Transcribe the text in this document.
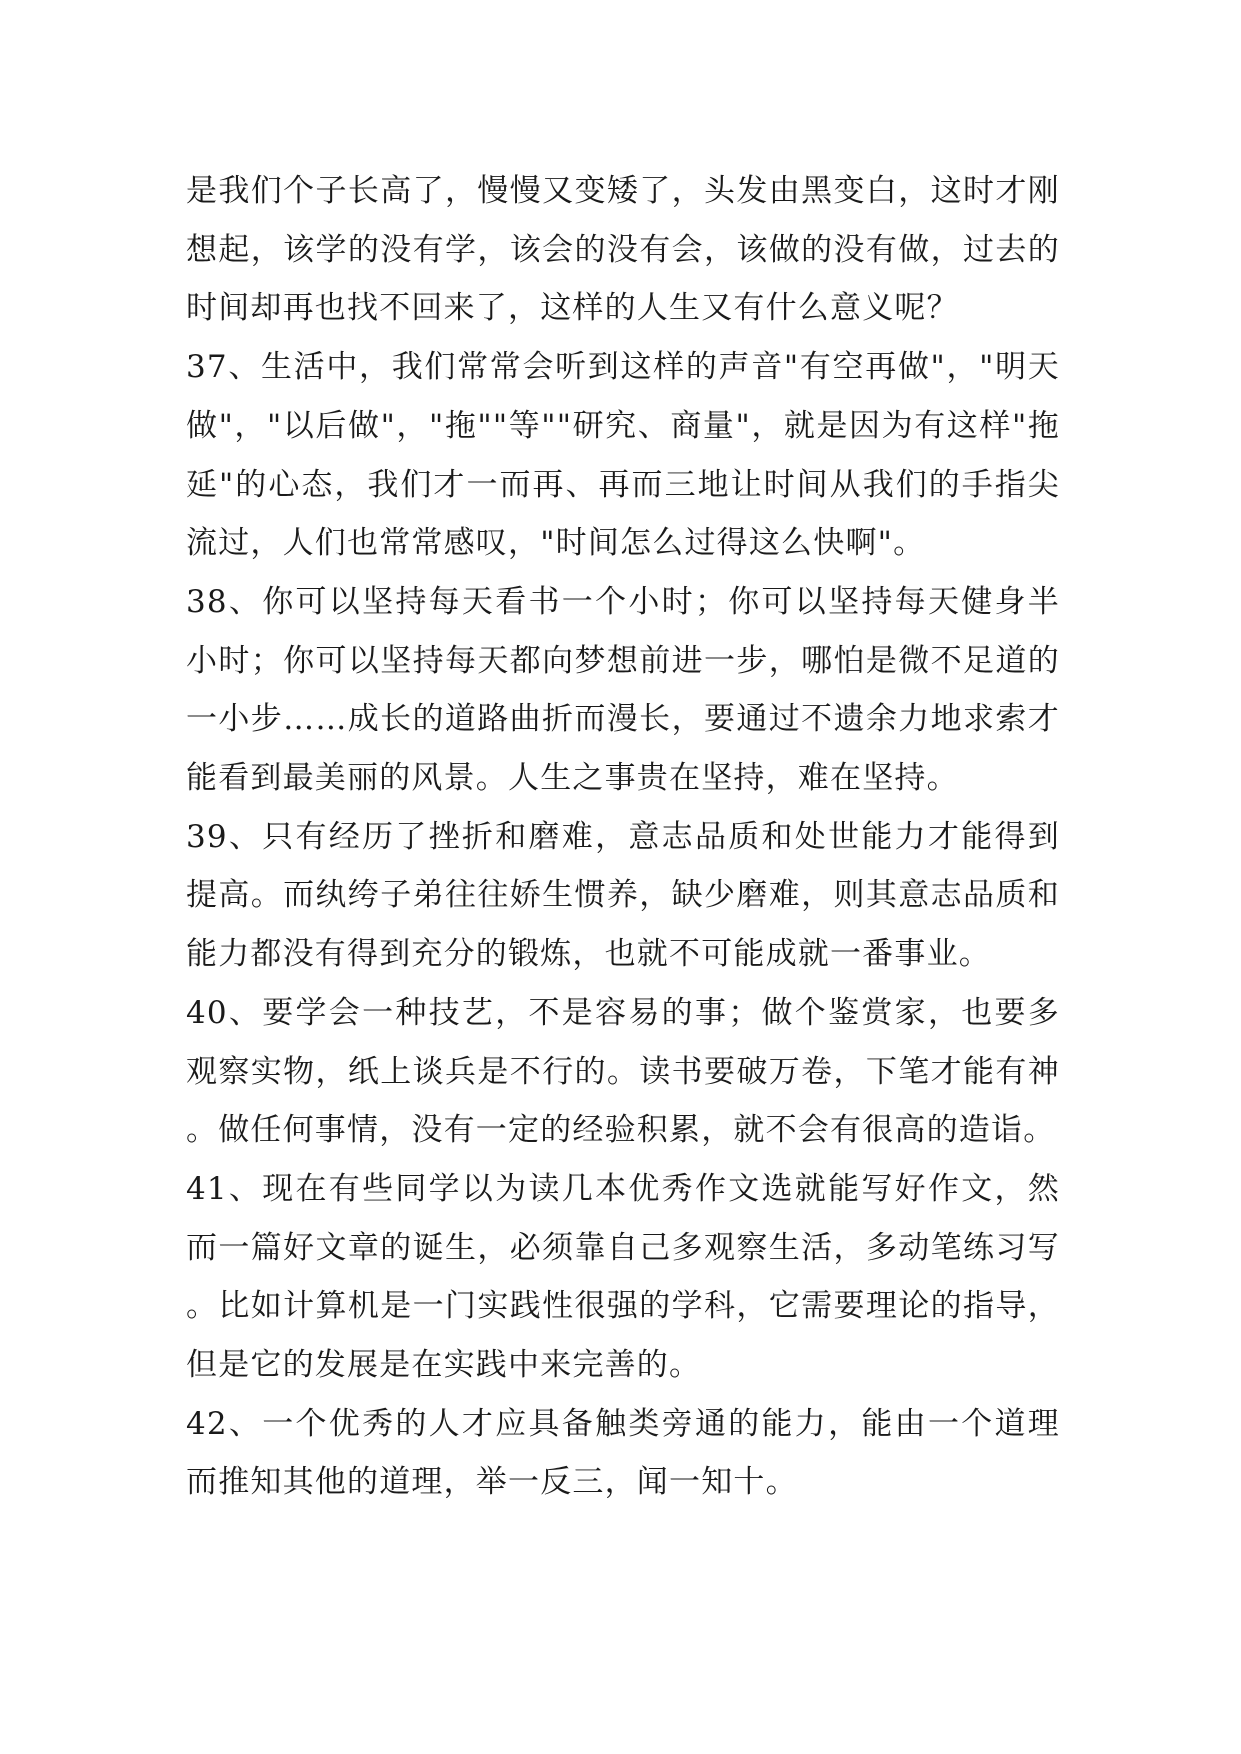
是我们个子长高了，慢慢又变矮了，头发由黑变白，这时才刚想起，该学的没有学，该会的没有会，该做的没有做，过去的时间却再也找不回来了，这样的人生又有什么意义呢？

37、生活中，我们常常会听到这样的声音"有空再做"，"明天做"，"以后做"，"拖""等""研究、商量"，就是因为有这样"拖延"的心态，我们才一而再、再而三地让时间从我们的手指尖流过，人们也常常感叹，"时间怎么过得这么快啊"。

38、你可以坚持每天看书一个小时；你可以坚持每天健身半小时；你可以坚持每天都向梦想前进一步，哪怕是微不足道的一小步……成长的道路曲折而漫长，要通过不遗余力地求索才能看到最美丽的风景。人生之事贵在坚持，难在坚持。

39、只有经历了挫折和磨难，意志品质和处世能力才能得到提高。而纨绔子弟往往娇生惯养，缺少磨难，则其意志品质和能力都没有得到充分的锻炼，也就不可能成就一番事业。

40、要学会一种技艺，不是容易的事；做个鉴赏家，也要多观察实物，纸上谈兵是不行的。读书要破万卷，下笔才能有神。做任何事情，没有一定的经验积累，就不会有很高的造诣。

41、现在有些同学以为读几本优秀作文选就能写好作文，然而一篇好文章的诞生，必须靠自己多观察生活，多动笔练习写。比如计算机是一门实践性很强的学科，它需要理论的指导，但是它的发展是在实践中来完善的。

42、一个优秀的人才应具备触类旁通的能力，能由一个道理而推知其他的道理，举一反三，闻一知十。
